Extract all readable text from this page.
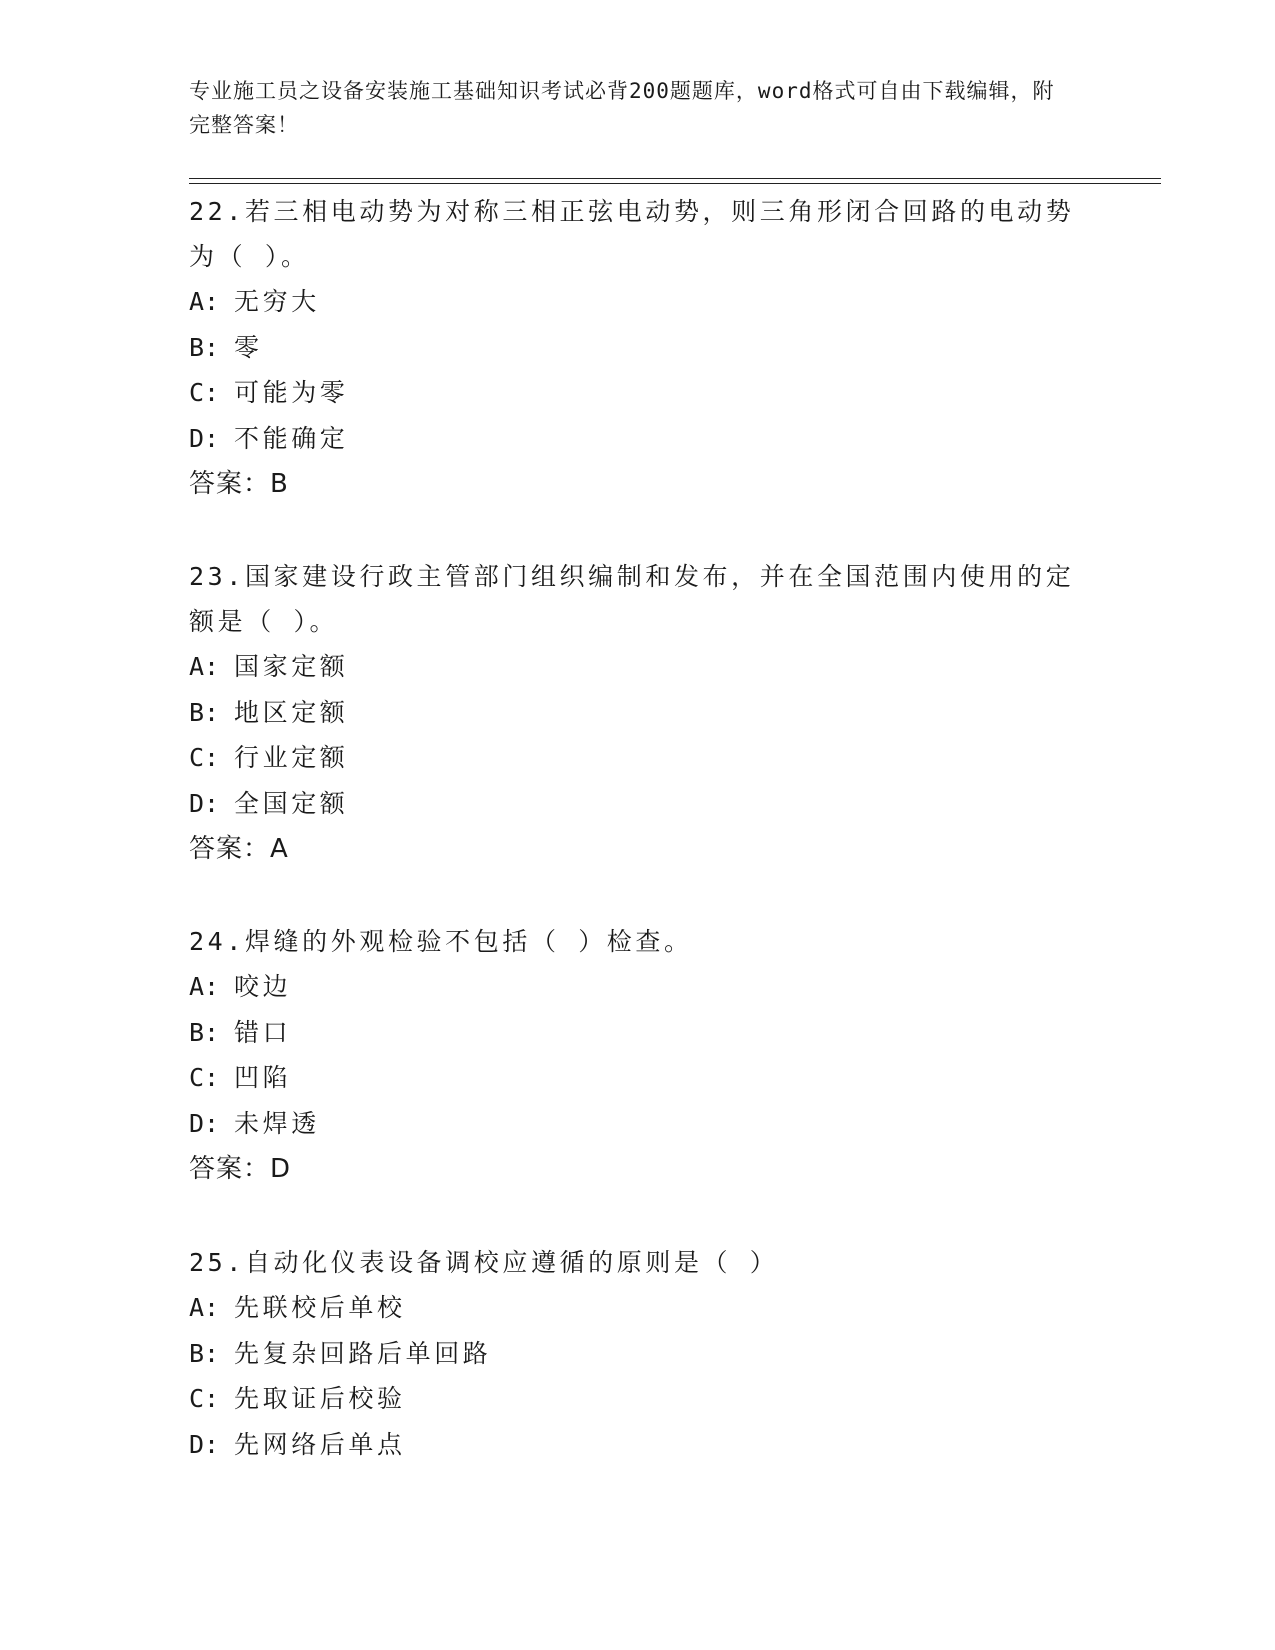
专业施工员之设备安装施工基础知识考试必背200题题库，word格式可自由下载编辑，附完整答案！
22.若三相电动势为对称三相正弦电动势，则三角形闭合回路的电动势为（ ）。
A: 无穷大
B: 零
C: 可能为零
D: 不能确定
答案：B
23.国家建设行政主管部门组织编制和发布，并在全国范围内使用的定额是（ ）。
A: 国家定额
B: 地区定额
C: 行业定额
D: 全国定额
答案：A
24.焊缝的外观检验不包括（ ）检查。
A: 咬边
B: 错口
C: 凹陷
D: 未焊透
答案：D
25.自动化仪表设备调校应遵循的原则是（ ）
A: 先联校后单校
B: 先复杂回路后单回路
C: 先取证后校验
D: 先网络后单点
